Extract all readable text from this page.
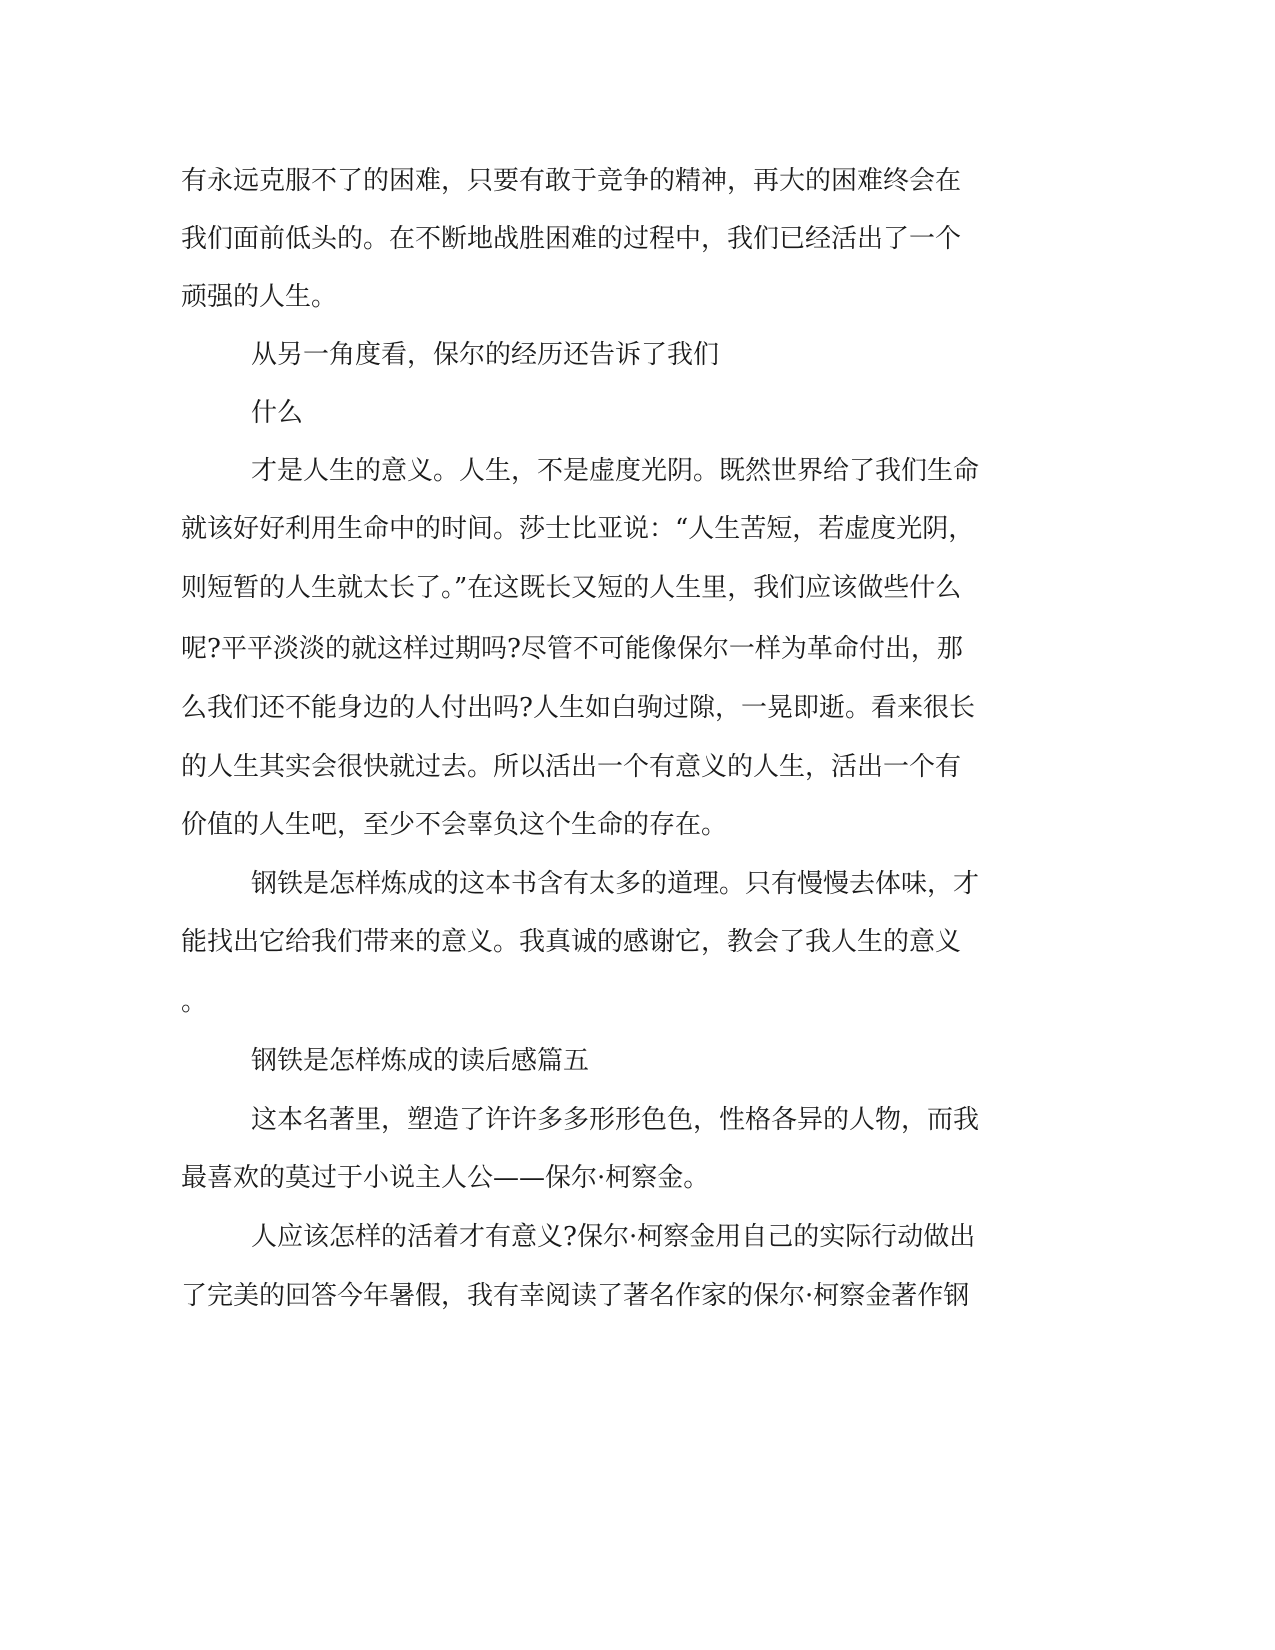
有永远克服不了的困难，只要有敢于竞争的精神，再大的困难终会在
我们面前低头的。在不断地战胜困难的过程中，我们已经活出了一个
顽强的人生。
从另一角度看，保尔的经历还告诉了我们
什么
才是人生的意义。人生，不是虚度光阴。既然世界给了我们生命
就该好好利用生命中的时间。莎士比亚说：“人生苦短，若虚度光阴，
则短暂的人生就太长了。”在这既长又短的人生里，我们应该做些什么
呢?平平淡淡的就这样过期吗?尽管不可能像保尔一样为革命付出，那
么我们还不能身边的人付出吗?人生如白驹过隙，一晃即逝。看来很长
的人生其实会很快就过去。所以活出一个有意义的人生，活出一个有
价值的人生吧，至少不会辜负这个生命的存在。
钢铁是怎样炼成的这本书含有太多的道理。只有慢慢去体味，才
能找出它给我们带来的意义。我真诚的感谢它，教会了我人生的意义
。
钢铁是怎样炼成的读后感篇五
这本名著里，塑造了许许多多形形色色，性格各异的人物，而我
最喜欢的莫过于小说主人公——保尔·柯察金。
人应该怎样的活着才有意义?保尔·柯察金用自己的实际行动做出
了完美的回答今年暑假，我有幸阅读了著名作家的保尔·柯察金著作钢
